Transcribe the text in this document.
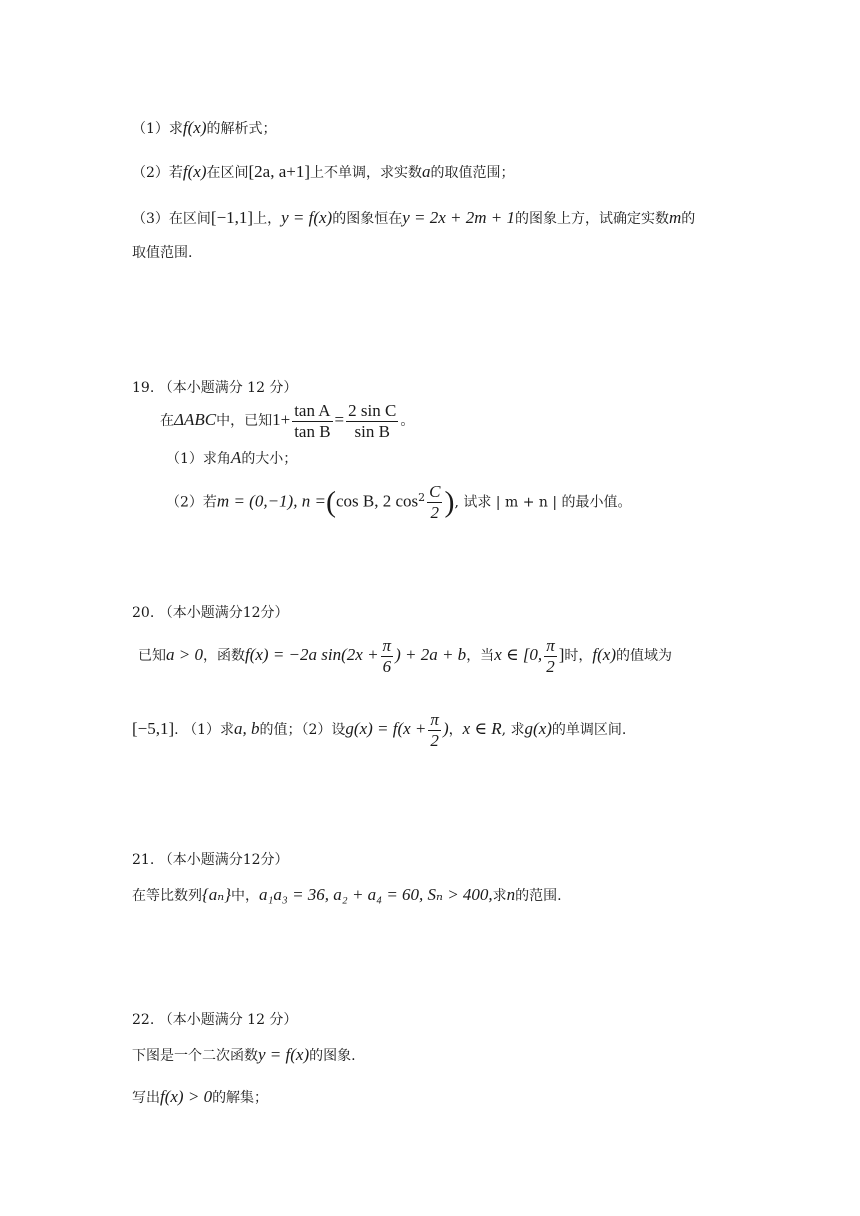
（1）求f(x)的解析式；
（2）若f(x)在区间[2a, a+1]上不单调，求实数a的取值范围；
（3）在区间[−1,1]上，y = f(x)的图象恒在y = 2x + 2m + 1的图象上方，试确定实数m的
取值范围.
19. （本小题满分 12 分）
在ΔABC中，已知$1+ \frac{\text{tan A}}{\text{tan B}} = \frac{\text{2 sin C}}{\text{sin B}}$ 。
（1）求角A的大小；
（2）若m = (0,−1), n =(cos B, 2 $\cos^2 \frac{C}{2}$ ), 试求 | m + n | 的最小值。
20. （本小题满分12分）
已知a > 0，函数f(x) = −2a $\sin(2x + \frac{\pi}{6}$ ) + 2a + b，当x ∈ [0, $\frac{\pi}{2}$ ]时，f(x)的值域为
[−5,1]. （1）求a, b的值；（2）设$g(x) = f(x + \frac{\pi}{2}$ )，x ∈ R, 求g(x)的单调区间.
21. （本小题满分12分）
在等比数列{aₙ}中，a₁a₃ = 36, a₂ + a₄ = 60, Sₙ > 400,求n的范围.
22. （本小题满分 12 分）
下图是一个二次函数y = f(x)的图象.
写出f(x) > 0的解集；
